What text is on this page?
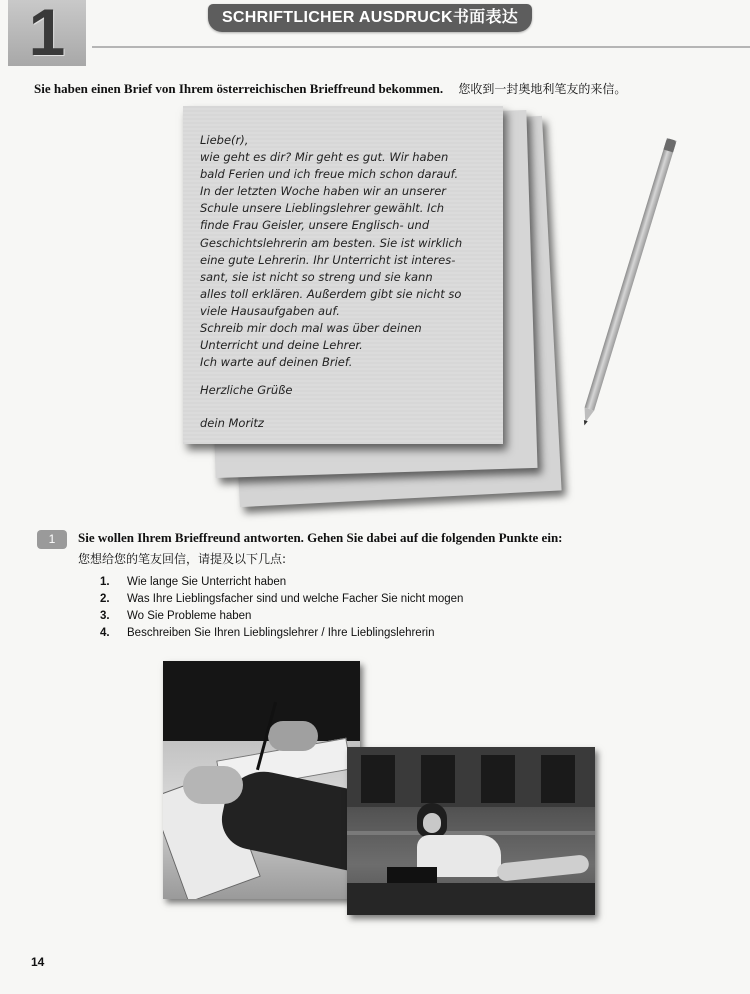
1	SCHRIFTLICHER AUSDRUCK书面表达
Sie haben einen Brief von Ihrem österreichischen Brieffreund bekommen. 您收到一封奥地利笔友的来信。
Liebe(r),
wie geht es dir? Mir geht es gut. Wir haben
bald Ferien und ich freue mich schon darauf.
In der letzten Woche haben wir an unserer
Schule unsere Lieblingslehrer gewählt. Ich
finde Frau Geisler, unsere Englisch- und
Geschichtslehrerin am besten. Sie ist wirklich
eine gute Lehrerin. Ihr Unterricht ist interes-
sant, sie ist nicht so streng und sie kann
alles toll erklären. Außerdem gibt sie nicht so
viele Hausaufgaben auf.
Schreib mir doch mal was über deinen
Unterricht und deine Lehrer.
Ich warte auf deinen Brief.
Herzliche Grüße
dein Moritz
1	Sie wollen Ihrem Brieffreund antworten. Gehen Sie dabei auf die folgenden Punkte ein:
您想给您的笔友回信，请提及以下几点:
1. Wie lange Sie Unterricht haben
2. Was Ihre Lieblingsfacher sind und welche Facher Sie nicht mogen
3. Wo Sie Probleme haben
4. Beschreiben Sie Ihren Lieblingslehrer / Ihre Lieblingslehrerin
14
